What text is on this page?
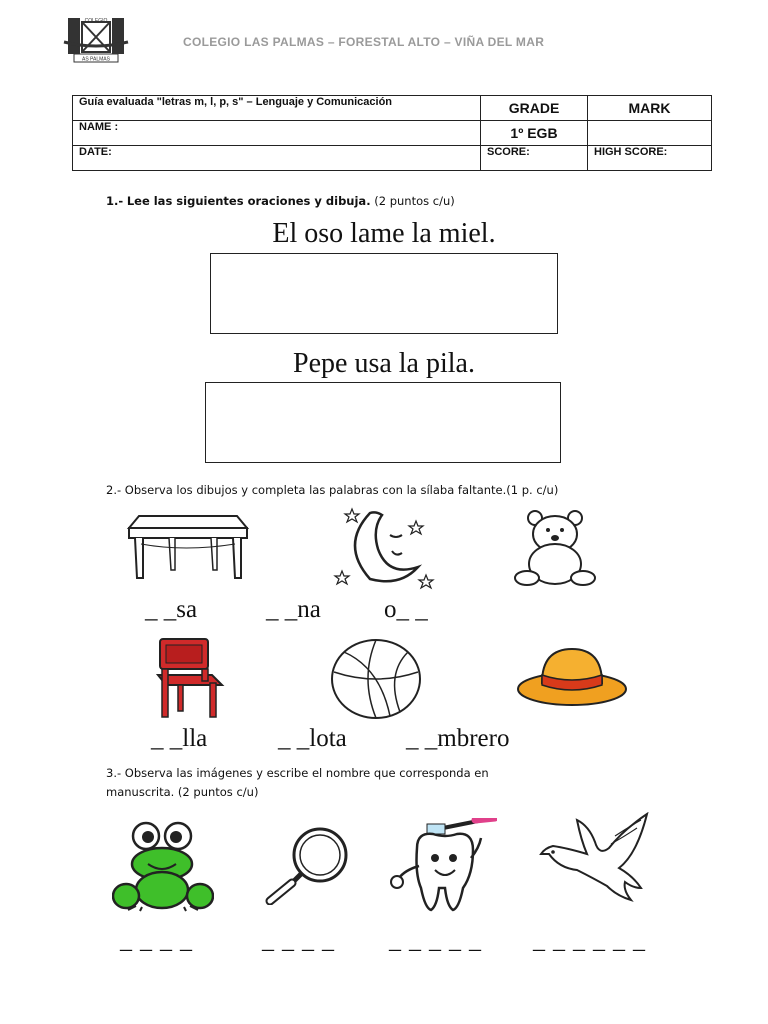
COLEGIO
AS PALMAS
COLEGIO LAS PALMAS – FORESTAL ALTO – VIÑA DEL MAR
Guía evaluada "letras m, l, p, s" – Lenguaje y Comunicación	GRADE	MARK
NAME :	1º EGB	
DATE:	SCORE:	HIGH SCORE:
1.- Lee las siguientes oraciones y dibuja. (2 puntos c/u)
El oso lame la miel.
Pepe usa la pila.
2.- Observa los dibujos y completa las palabras con la sílaba faltante.(1 p. c/u)
_ _sa	_ _na	o_ _
_ _lla	_ _lota _ _mbrero
3.- Observa las imágenes y escribe el nombre que corresponda en
manuscrita. (2 puntos c/u)
_ _ _ _	_ _ _ _ _ _ _ _ _ _ _ _ _ _ _
